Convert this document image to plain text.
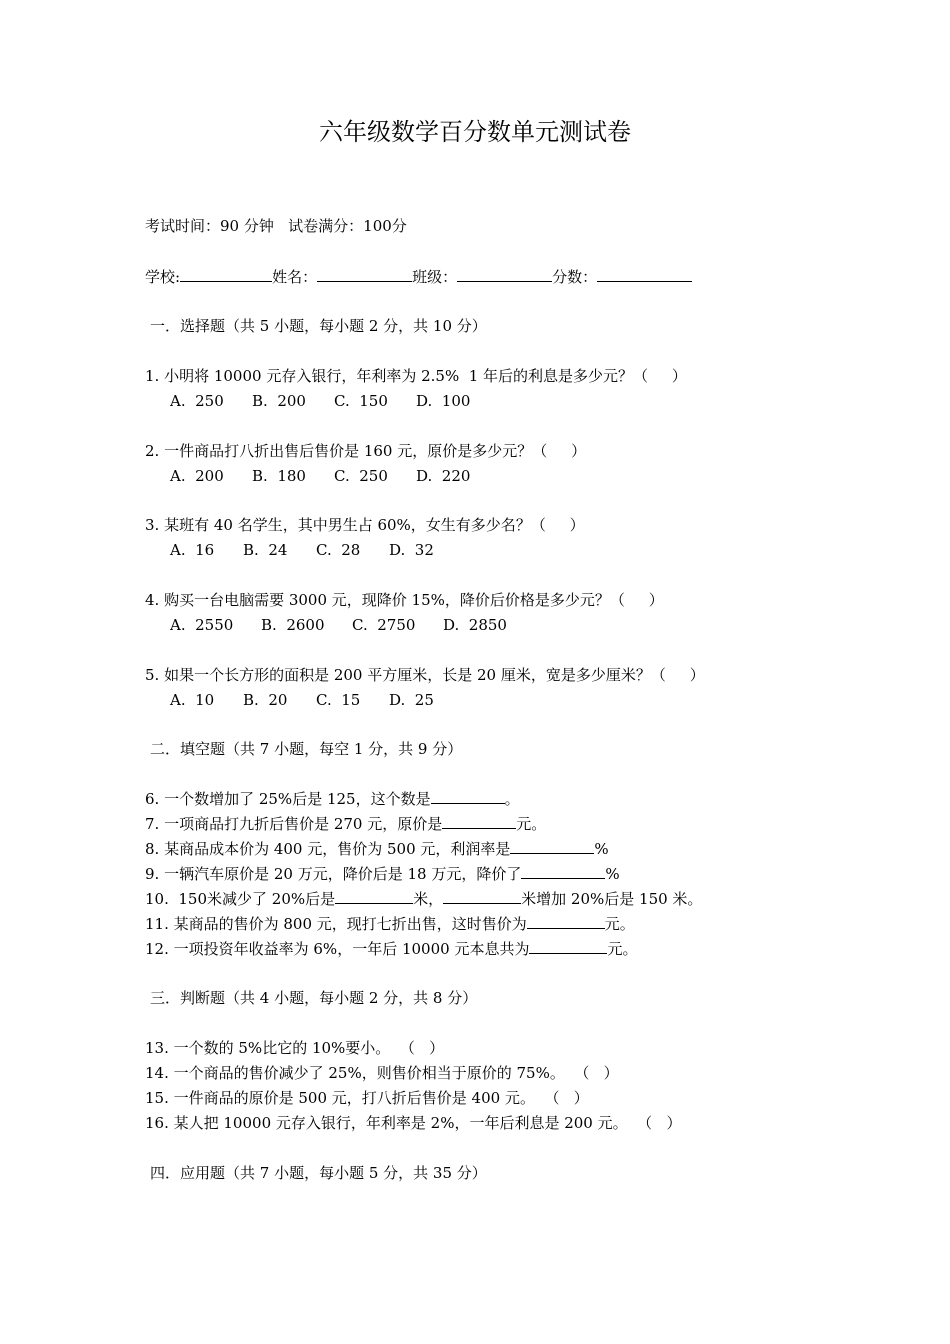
六年级数学百分数单元测试卷
考试时间：90 分钟   试卷满分：100分
学校:	姓名：	班级：	分数：
一．选择题（共 5 小题，每小题 2 分，共 10 分）
1. 小明将 10000 元存入银行，年利率为 2.5%  1 年后的利息是多少元？（     ）
A.  250 B.  200 C.  150 D.  100
2. 一件商品打八折出售后售价是 160 元，原价是多少元？（     ）
A.  200 B.  180 C.  250 D.  220
3. 某班有 40 名学生，其中男生占 60%，女生有多少名？（     ）
A.  16 B.  24 C.  28 D.  32
4. 购买一台电脑需要 3000 元，现降价 15%，降价后价格是多少元？（     ）
A.  2550 B.  2600 C.  2750 D.  2850
5. 如果一个长方形的面积是 200 平方厘米，长是 20 厘米，宽是多少厘米？（     ）
A.  10 B.  20 C.  15 D.  25
二．填空题（共 7 小题，每空 1 分，共 9 分）
6. 一个数增加了 25%后是 125，这个数是	。
7. 一项商品打九折后售价是 270 元，原价是	元。
8. 某商品成本价为 400 元，售价为 500 元，利润率是	%
9. 一辆汽车原价是 20 万元，降价后是 18 万元，降价了	%
10.  150米减少了 20%后是	米，	米增加 20%后是 150 米。
11. 某商品的售价为 800 元，现打七折出售，这时售价为	元。
12. 一项投资年收益率为 6%，一年后 10000 元本息共为	元。
三．判断题（共 4 小题，每小题 2 分，共 8 分）
13. 一个数的 5%比它的 10%要小。  （   ）
14. 一个商品的售价减少了 25%，则售价相当于原价的 75%。  （   ）
15. 一件商品的原价是 500 元，打八折后售价是 400 元。  （   ）
16. 某人把 10000 元存入银行，年利率是 2%，一年后利息是 200 元。  （   ）
四．应用题（共 7 小题，每小题 5 分，共 35 分）
